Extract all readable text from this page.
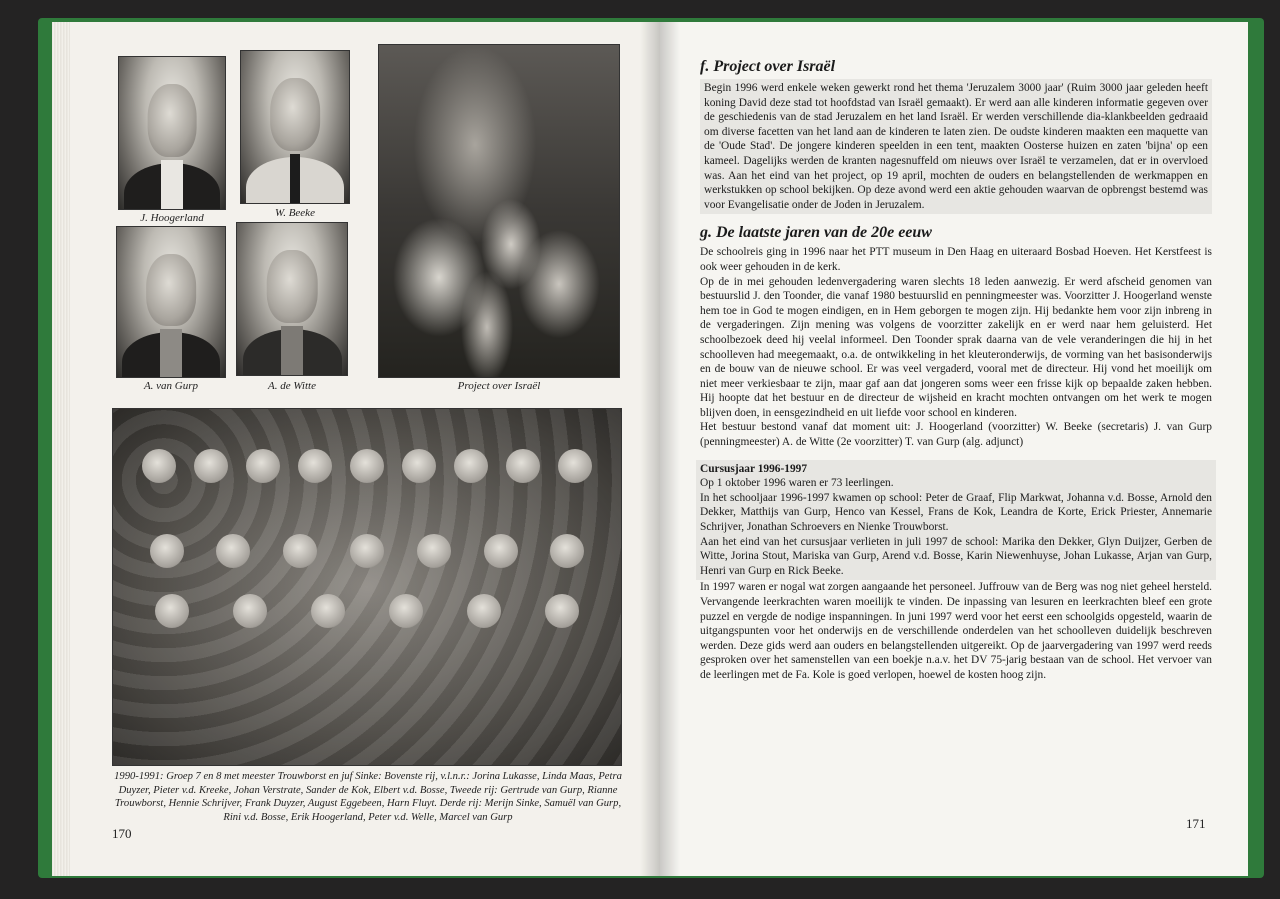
J. Hoogerland	W. Beeke
A. van Gurp	A. de Witte	Project over Israël
1990-1991: Groep 7 en 8 met meester Trouwborst en juf Sinke: Bovenste rij, v.l.n.r.: Jorina Lukasse, Linda Maas, Petra Duyzer, Pieter v.d. Kreeke, Johan Verstrate, Sander de Kok, Elbert v.d. Bosse, Tweede rij: Gertrude van Gurp, Rianne Trouwborst, Hennie Schrijver, Frank Duyzer, August Eggebeen, Harn Fluyt. Derde rij: Merijn Sinke, Samuël van Gurp, Rini v.d. Bosse, Erik Hoogerland, Peter v.d. Welle, Marcel van Gurp
170
f. Project over Israël

Begin 1996 werd enkele weken gewerkt rond het thema 'Jeruzalem 3000 jaar' (Ruim 3000 jaar geleden heeft koning David deze stad tot hoofdstad van Israël gemaakt). Er werd aan alle kinderen informatie gegeven over de geschiedenis van de stad Jeruzalem en het land Israël. Er werden verschillende dia-klankbeelden gedraaid om diverse facetten van het land aan de kinderen te laten zien. De oudste kinderen maakten een maquette van de 'Oude Stad'. De jongere kinderen speelden in een tent, maakten Oosterse huizen en zaten 'bijna' op een kameel. Dagelijks werden de kranten nagesnuffeld om nieuws over Israël te verzamelen, dat er in overvloed was. Aan het eind van het project, op 19 april, mochten de ouders en belangstellenden de werkmappen en werkstukken op school bekijken. Op deze avond werd een aktie gehouden waarvan de opbrengst bestemd was voor Evangelisatie onder de Joden in Jeruzalem.

g. De laatste jaren van de 20e eeuw

De schoolreis ging in 1996 naar het PTT museum in Den Haag en uiteraard Bosbad Hoeven. Het Kerstfeest is ook weer gehouden in de kerk.

Op de in mei gehouden ledenvergadering waren slechts 18 leden aanwezig. Er werd afscheid genomen van bestuurslid J. den Toonder, die vanaf 1980 bestuurslid en penningmeester was. Voorzitter J. Hoogerland wenste hem toe in God te mogen eindigen, en in Hem geborgen te mogen zijn. Hij bedankte hem voor zijn inbreng in de vergaderingen. Zijn mening was volgens de voorzitter zakelijk en er werd naar hem geluisterd. Het schoolbezoek deed hij veelal informeel. Den Toonder sprak daarna van de vele veranderingen die hij in het schoolleven had meegemaakt, o.a. de ontwikkeling in het kleuteronderwijs, de vorming van het basisonderwijs en de bouw van de nieuwe school. Er was veel vergaderd, vooral met de directeur. Hij vond het moeilijk om niet meer verkiesbaar te zijn, maar gaf aan dat jongeren soms weer een frisse kijk op bepaalde zaken hebben. Hij hoopte dat het bestuur en de directeur de wijsheid en kracht mochten ontvangen om het werk te mogen blijven doen, in eensgezindheid en uit liefde voor school en kinderen.

Het bestuur bestond vanaf dat moment uit: J. Hoogerland (voorzitter) W. Beeke (secretaris) J. van Gurp (penningmeester) A. de Witte (2e voorzitter) T. van Gurp (alg. adjunct)

Cursusjaar 1996-1997

Op 1 oktober 1996 waren er 73 leerlingen.

In het schooljaar 1996-1997 kwamen op school: Peter de Graaf, Flip Markwat, Johanna v.d. Bosse, Arnold den Dekker, Matthijs van Gurp, Henco van Kessel, Frans de Kok, Leandra de Korte, Erick Priester, Annemarie Schrijver, Jonathan Schroevers en Nienke Trouwborst.

Aan het eind van het cursusjaar verlieten in juli 1997 de school: Marika den Dekker, Glyn Duijzer, Gerben de Witte, Jorina Stout, Mariska van Gurp, Arend v.d. Bosse, Karin Niewenhuyse, Johan Lukasse, Arjan van Gurp, Henri van Gurp en Rick Beeke.

In 1997 waren er nogal wat zorgen aangaande het personeel. Juffrouw van de Berg was nog niet geheel hersteld. Vervangende leerkrachten waren moeilijk te vinden. De inpassing van lesuren en leerkrachten bleef een grote puzzel en vergde de nodige inspanningen. In juni 1997 werd voor het eerst een schoolgids opgesteld, waarin de uitgangspunten voor het onderwijs en de verschillende onderdelen van het schoolleven duidelijk beschreven werden. Deze gids werd aan ouders en belangstellenden uitgereikt. Op de jaarvergadering van 1997 werd reeds gesproken over het samenstellen van een boekje n.a.v. het DV 75-jarig bestaan van de school. Het vervoer van de leerlingen met de Fa. Kole is goed verlopen, hoewel de kosten hoog zijn.

171
